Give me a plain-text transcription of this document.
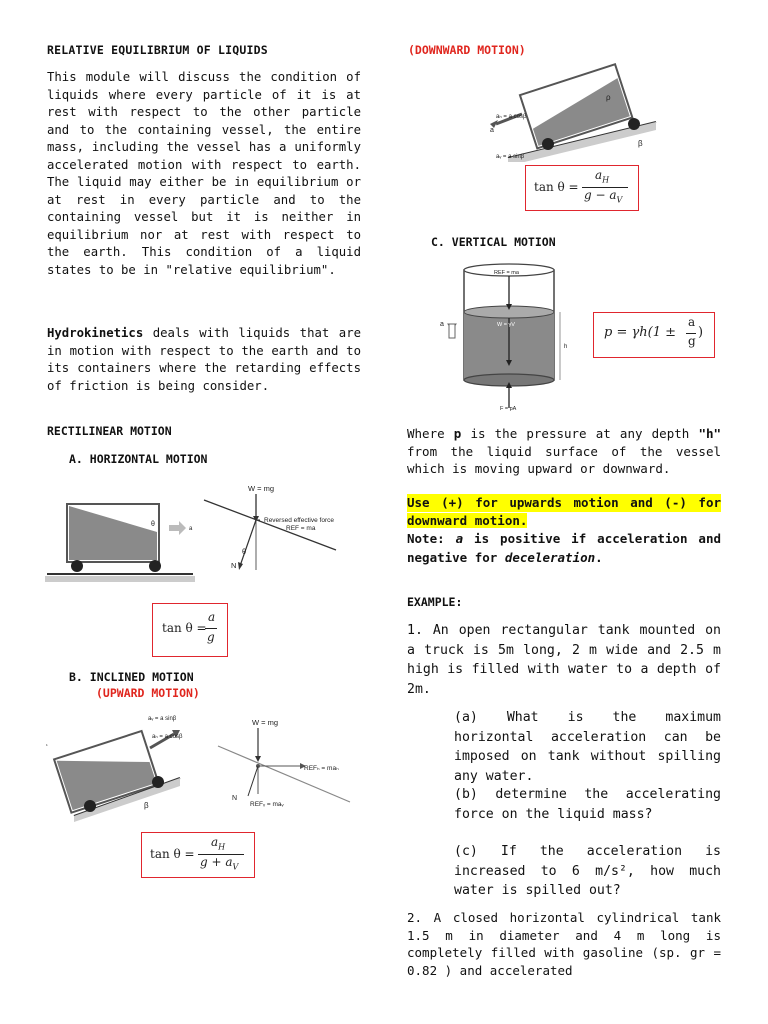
RELATIVE EQUILIBRIUM OF LIQUIDS

This module will discuss the condition of liquids where every particle of it is at rest with respect to the other particle and to the containing vessel, the entire mass, including the vessel has a uniformly accelerated motion with respect to earth. The liquid may either be in equilibrium or at rest in every particle and to the containing vessel but it is neither in equilibrium nor at rest with respect to the earth. This condition of a liquid states to be in "relative equilibrium".

Hydrokinetics deals with liquids that are in motion with respect to the earth and to its containers where the retarding effects of friction is being consider.

RECTILINEAR MOTION
A. HORIZONTAL MOTION
θ
a
W = mg
Reversed effective force
REF = ma
N
θ
tan θ =
a
g
B. INCLINED MOTION
(UPWARD MOTION)
‘
aᵥ = a sinβ
aₕ = a cosβ
β
W = mg
REFₕ = maₕ
REFᵥ = maᵥ
N
tan θ =
$a_H$
$g + a_V$
(DOWNWARD MOTION)
aₕ = a cosβ
aᵥ = a sinβ
a
β
ρ
tan θ =
$a_H$
$g - a_V$
C. VERTICAL MOTION
REF = ma
W = γV
F = pA
a
h
p = γh(1 ±
a
g
)

Where p is the pressure at any depth "h" from the liquid surface of the vessel which is moving upward or downward.

Use (+) for upwards motion and (-) for
downward motion.

Note: a is positive if acceleration and negative for deceleration.

EXAMPLE:

1. An open rectangular tank mounted on a truck is 5m long, 2 m wide and 2.5 m high is filled with water to a depth of 2m.

(a) What is the maximum horizontal acceleration can be imposed on tank without spilling any water.

(b) determine the accelerating force on the liquid mass?

(c) If the acceleration is increased to 6 m/s², how much water is spilled out?

2. A closed horizontal cylindrical tank 1.5 m in diameter and 4 m long is completely filled with gasoline (sp. gr = 0.82 ) and accelerated
